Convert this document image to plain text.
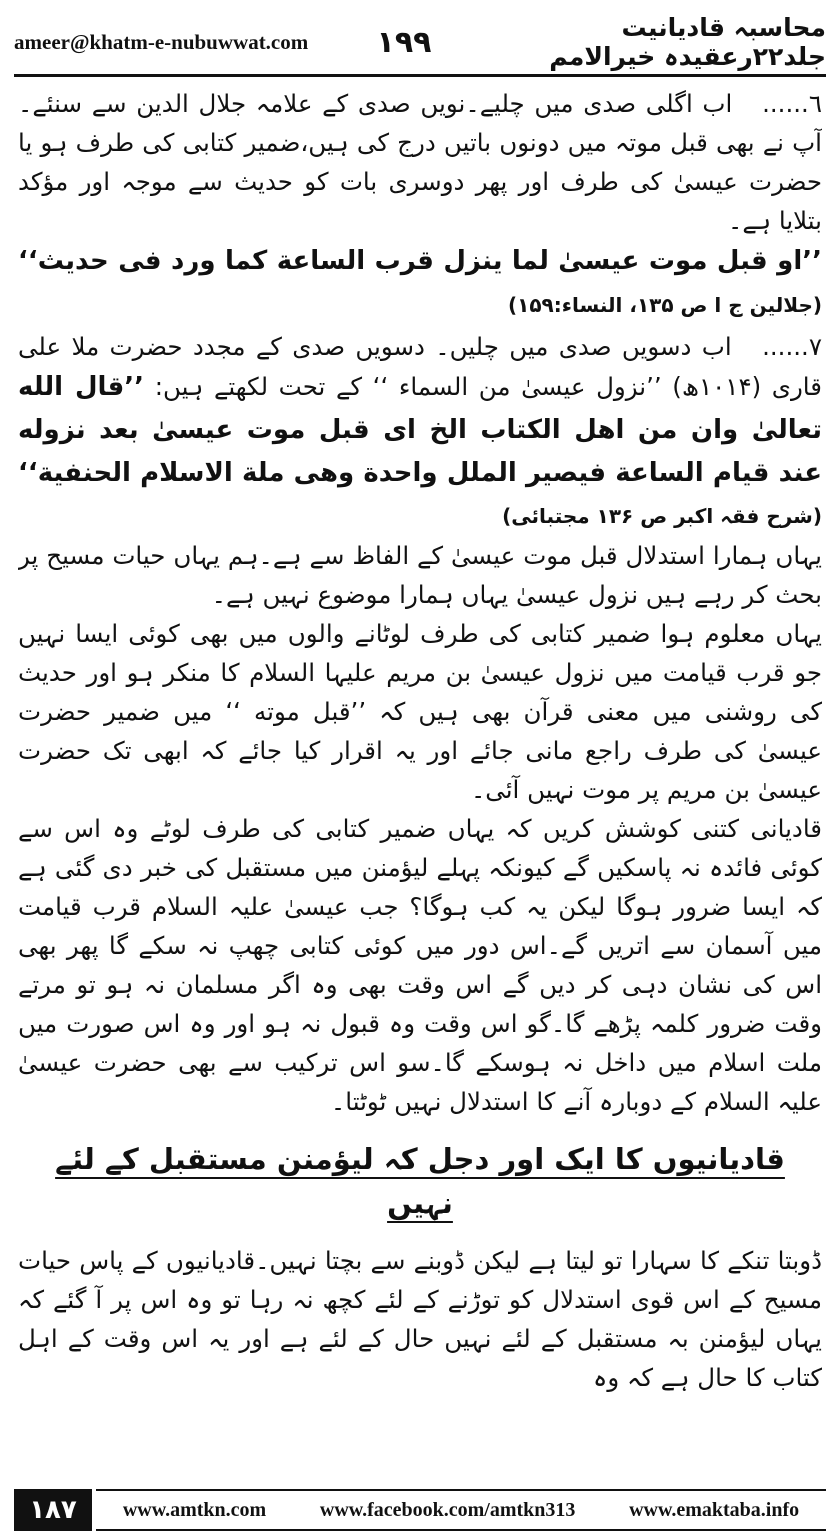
ameer@khatm-e-nubuwwat.com	۱۹۹	محاسبہ قادیانیت جلد۲۲رعقیدہ خیرالامم

٦...... اب اگلی صدی میں چلیے۔نویں صدی کے علامہ جلال الدین سے سنئے۔آپ نے بھی قبل موتہ میں دونوں باتیں درج کی ہیں،ضمیر کتابی کی طرف ہو یا حضرت عیسیٰ کی طرف اور پھر دوسری بات کو حدیث سے موجہ اور مؤکد بتلایا ہے۔

’’او قبل موت عیسیٰ لما ینزل قرب الساعة کما ورد فی حدیث‘‘ (جلالین ج ا ص ۱۳۵، النساء:۱۵۹)

٧...... اب دسویں صدی میں چلیں۔ دسویں صدی کے مجدد حضرت ملا علی قاری (۱۰۱۴ھ) ’’نزول عیسیٰ من السماء ‘‘ کے تحت لکھتے ہیں: ’’قال الله تعالیٰ وان من اهل الکتاب الخ ای قبل موت عیسیٰ بعد نزوله عند قیام الساعة فیصیر الملل واحدة وهی ملة الاسلام الحنفیة‘‘ (شرح فقہ اکبر ص ۱۳۶ مجتبائی)

یہاں ہمارا استدلال قبل موت عیسیٰ کے الفاظ سے ہے۔ہم یہاں حیات مسیح پر بحث کر رہے ہیں نزول عیسیٰ یہاں ہمارا موضوع نہیں ہے۔

یہاں معلوم ہوا ضمیر کتابی کی طرف لوٹانے والوں میں بھی کوئی ایسا نہیں جو قرب قیامت میں نزول عیسیٰ بن مریم علیہا السلام کا منکر ہو اور حدیث کی روشنی میں معنی قرآن بھی ہیں کہ ’’قبل موته ‘‘ میں ضمیر حضرت عیسیٰ کی طرف راجع مانی جائے اور یہ اقرار کیا جائے کہ ابھی تک حضرت عیسیٰ بن مریم پر موت نہیں آئی۔

قادیانی کتنی کوشش کریں کہ یہاں ضمیر کتابی کی طرف لوٹے وہ اس سے کوئی فائدہ نہ پاسکیں گے کیونکہ پہلے لیؤمنن میں مستقبل کی خبر دی گئی ہے کہ ایسا ضرور ہوگا لیکن یہ کب ہوگا؟ جب عیسیٰ علیہ السلام قرب قیامت میں آسمان سے اتریں گے۔اس دور میں کوئی کتابی چھپ نہ سکے گا پھر بھی اس کی نشان دہی کر دیں گے اس وقت بھی وہ اگر مسلمان نہ ہو تو مرتے وقت ضرور کلمہ پڑھے گا۔گو اس وقت وہ قبول نہ ہو اور وہ اس صورت میں ملت اسلام میں داخل نہ ہوسکے گا۔سو اس ترکیب سے بھی حضرت عیسیٰ علیہ السلام کے دوبارہ آنے کا استدلال نہیں ٹوٹتا۔

قادیانیوں کا ایک اور دجل کہ لیؤمنن مستقبل کے لئے نہیں

ڈوبتا تنکے کا سہارا تو لیتا ہے لیکن ڈوبنے سے بچتا نہیں۔قادیانیوں کے پاس حیات مسیح کے اس قوی استدلال کو توڑنے کے لئے کچھ نہ رہا تو وہ اس پر آ گئے کہ یہاں لیؤمنن بہ مستقبل کے لئے نہیں حال کے لئے ہے اور یہ اس وقت کے اہل کتاب کا حال ہے کہ وہ

۱۸۷	www.amtkn.com	www.facebook.com/amtkn313	www.emaktaba.info
